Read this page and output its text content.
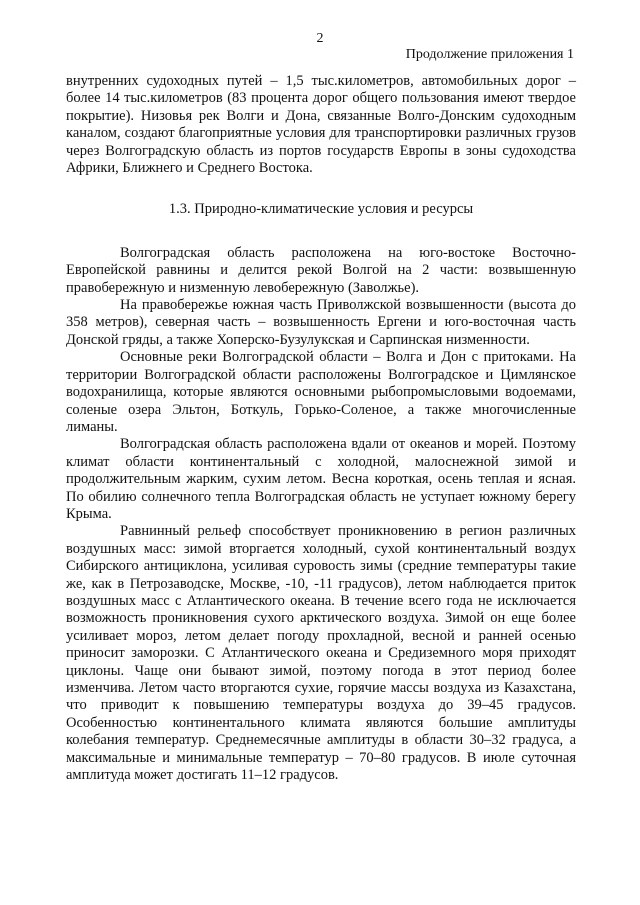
2
Продолжение приложения 1

внутренних судоходных путей – 1,5 тыс.километров, автомобильных дорог – более 14 тыс.километров (83 процента дорог общего пользования имеют твердое покрытие). Низовья рек Волги и Дона, связанные Волго-Донским судоходным каналом, создают благоприятные условия для транспортировки различных грузов через Волгоградскую область из портов государств Европы в зоны судоходства Африки, Ближнего и Среднего Востока.

1.3. Природно-климатические условия и ресурсы

Волгоградская область расположена на юго-востоке Восточно-Европейской равнины и делится рекой Волгой на 2 части: возвышенную правобережную и низменную левобережную (Заволжье).

На правобережье южная часть Приволжской возвышенности (высота до 358 метров), северная часть – возвышенность Ергени и юго-восточная часть Донской гряды, а также Хоперско-Бузулукская и Сарпинская низменности.

Основные реки Волгоградской области – Волга и Дон с притоками. На территории Волгоградской области расположены Волгоградское и Цимлянское водохранилища, которые являются основными рыбопромысловыми водоемами, соленые озера Эльтон, Боткуль, Горько-Соленое, а также многочисленные лиманы.

Волгоградская область расположена вдали от океанов и морей. Поэтому климат области континентальный с холодной, малоснежной зимой и продолжительным жарким, сухим летом. Весна короткая, осень теплая и ясная. По обилию солнечного тепла Волгоградская область не уступает южному берегу Крыма.

Равнинный рельеф способствует проникновению в регион различных воздушных масс: зимой вторгается холодный, сухой континентальный воздух Сибирского антициклона, усиливая суровость зимы (средние температуры такие же, как в Петрозаводске, Москве, -10, -11 градусов), летом наблюдается приток воздушных масс с Атлантического океана. В течение всего года не исключается возможность проникновения сухого арктического воздуха. Зимой он еще более усиливает мороз, летом делает погоду прохладной, весной и ранней осенью приносит заморозки. С Атлантического океана и Средиземного моря приходят циклоны. Чаще они бывают зимой, поэтому погода в этот период более изменчива. Летом часто вторгаются сухие, горячие массы воздуха из Казахстана, что приводит к повышению температуры воздуха до 39–45 градусов. Особенностью континентального климата являются большие амплитуды колебания температур. Среднемесячные амплитуды в области 30–32 градуса, а максимальные и минимальные температур – 70–80 градусов. В июле суточная амплитуда может достигать 11–12 градусов.
